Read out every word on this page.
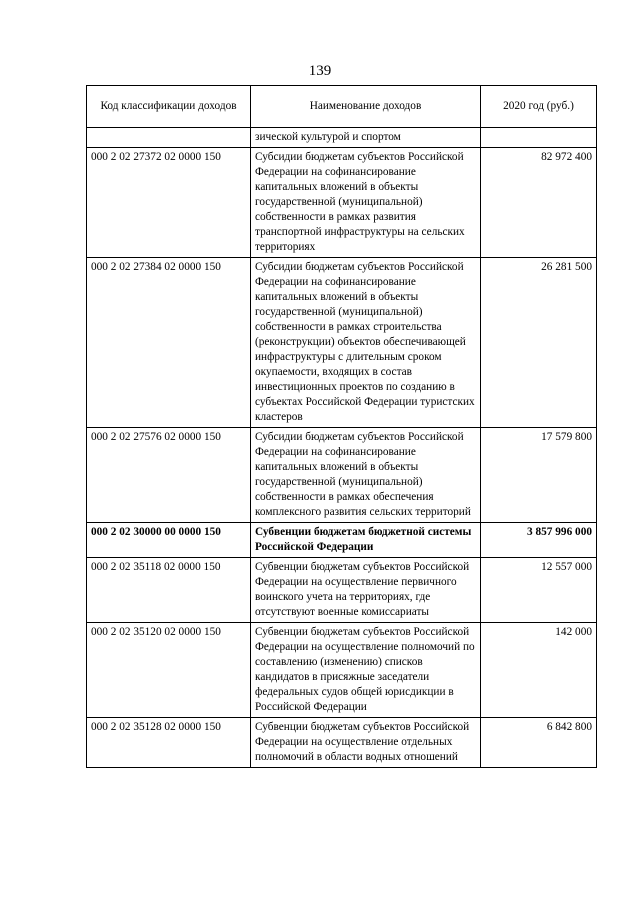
139
Код классификации доходов	Наименование доходов	2020 год (руб.)
	зической культурой и спортом	
000 2 02 27372 02 0000 150	Субсидии бюджетам субъектов Российской Федерации на софинансирование капитальных вложений в объекты государственной (муниципальной) собственности в рамках развития транспортной инфраструктуры на сельских территориях	82 972 400
000 2 02 27384 02 0000 150	Субсидии бюджетам субъектов Российской Федерации на софинансирование капитальных вложений в объекты государственной (муниципальной) собственности в рамках строительства (реконструкции) объектов обеспечивающей инфраструктуры с длительным сроком окупаемости, входящих в состав инвестиционных проектов по созданию в субъектах Российской Федерации туристских кластеров	26 281 500
000 2 02 27576 02 0000 150	Субсидии бюджетам субъектов Российской Федерации на софинансирование капитальных вложений в объекты государственной (муниципальной) собственности в рамках обеспечения комплексного развития сельских территорий	17 579 800
000 2 02 30000 00 0000 150	Субвенции бюджетам бюджетной системы Российской Федерации	3 857 996 000
000 2 02 35118 02 0000 150	Субвенции бюджетам субъектов Российской Федерации на осуществление первичного воинского учета на территориях, где отсутствуют военные комиссариаты	12 557 000
000 2 02 35120 02 0000 150	Субвенции бюджетам субъектов Российской Федерации на осуществление полномочий по составлению (изменению) списков кандидатов в присяжные заседатели федеральных судов общей юрисдикции в Российской Федерации	142 000
000 2 02 35128 02 0000 150	Субвенции бюджетам субъектов Российской Федерации на осуществление отдельных полномочий в области водных отношений	6 842 800
